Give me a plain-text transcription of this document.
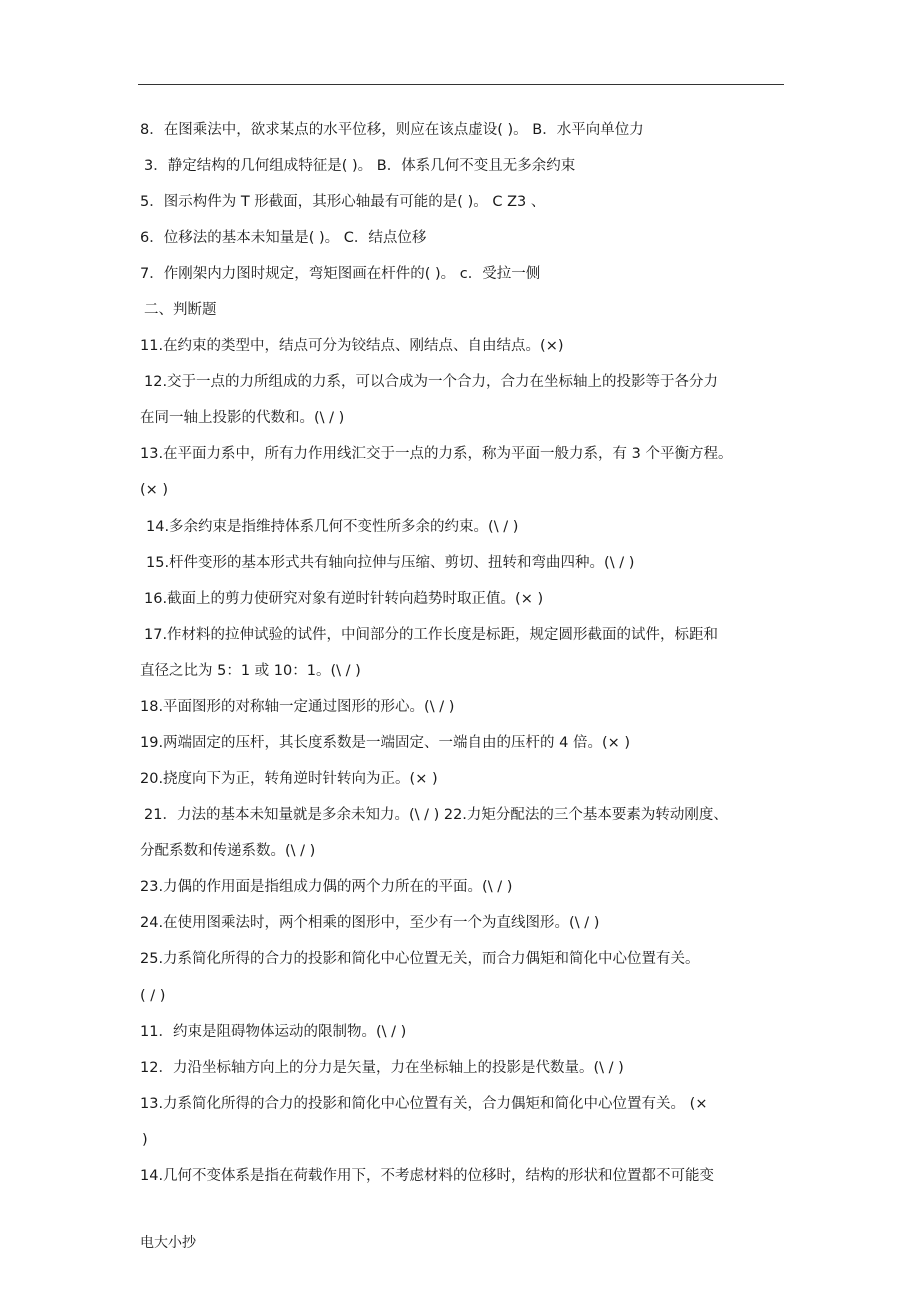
8．在图乘法中，欲求某点的水平位移，则应在该点虚设( )。 B．水平向单位力
3．静定结构的几何组成特征是( )。 B．体系几何不变且无多余约束
5．图示构件为 T 形截面，其形心轴最有可能的是( )。 C Z3 、
6．位移法的基本未知量是( )。 C．结点位移
7．作刚架内力图时规定，弯矩图画在杆件的( )。 c．受拉一侧
二、判断题
11.在约束的类型中，结点可分为铰结点、刚结点、自由结点。(×)
12.交于一点的力所组成的力系，可以合成为一个合力，合力在坐标轴上的投影等于各分力
在同一轴上投影的代数和。(\ / )
13.在平面力系中，所有力作用线汇交于一点的力系，称为平面一般力系，有 3 个平衡方程。
(× )
14.多余约束是指维持体系几何不变性所多余的约束。(\ / )
15.杆件变形的基本形式共有轴向拉伸与压缩、剪切、扭转和弯曲四种。(\ / )
16.截面上的剪力使研究对象有逆时针转向趋势时取正值。(× )
17.作材料的拉伸试验的试件，中间部分的工作长度是标距，规定圆形截面的试件，标距和
直径之比为 5：1 或 10：1。(\ / )
18.平面图形的对称轴一定通过图形的形心。(\ / )
19.两端固定的压杆，其长度系数是一端固定、一端自由的压杆的 4 倍。(× )
20.挠度向下为正，转角逆时针转向为正。(× )
21．力法的基本未知量就是多余未知力。(\ / ) 22.力矩分配法的三个基本要素为转动刚度、
分配系数和传递系数。(\ / )
23.力偶的作用面是指组成力偶的两个力所在的平面。(\ / )
24.在使用图乘法时，两个相乘的图形中，至少有一个为直线图形。(\ / )
25.力系简化所得的合力的投影和简化中心位置无关，而合力偶矩和简化中心位置有关。
( / )
11．约束是阻碍物体运动的限制物。(\ / )
12．力沿坐标轴方向上的分力是矢量，力在坐标轴上的投影是代数量。(\ / )
13.力系简化所得的合力的投影和简化中心位置有关，合力偶矩和简化中心位置有关。 (×
)
14.几何不变体系是指在荷载作用下，不考虑材料的位移时，结构的形状和位置都不可能变
电大小抄
